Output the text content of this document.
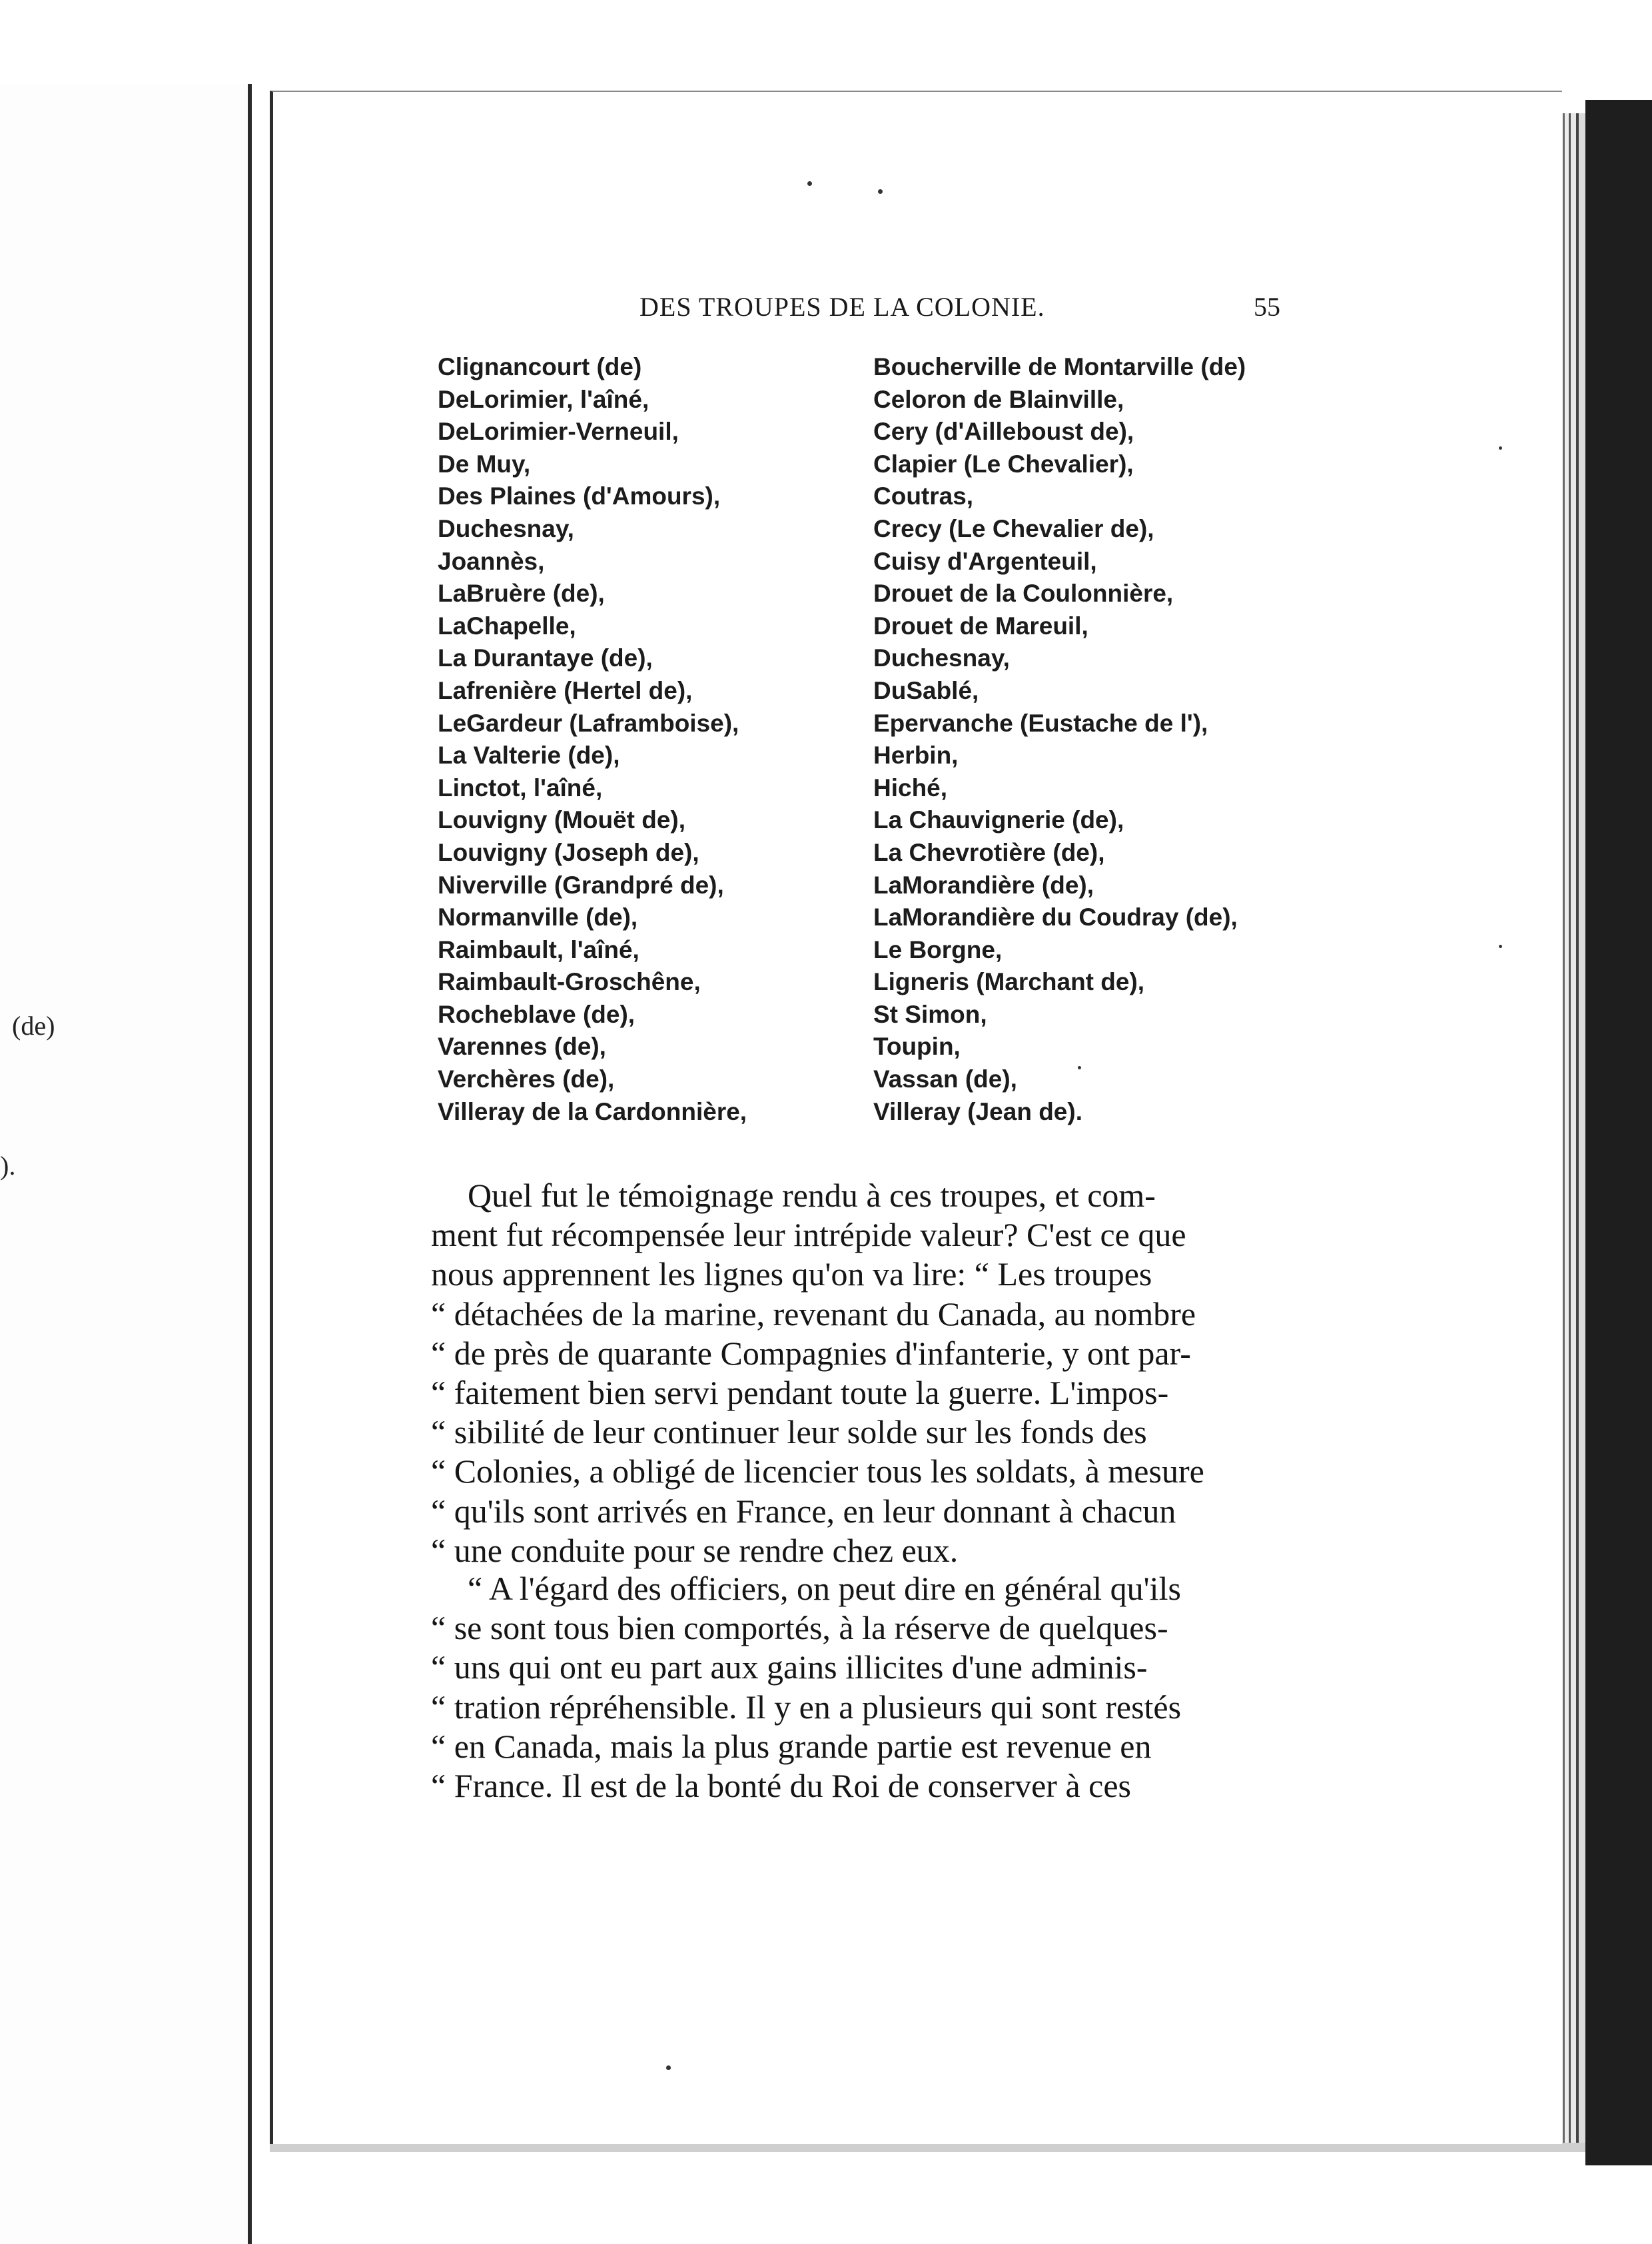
(de)
).
DES TROUPES DE LA COLONIE.	55
Clignancourt (de)
DeLorimier, l'aîné,
DeLorimier-Verneuil,
De Muy,
Des Plaines (d'Amours),
Duchesnay,
Joannès,
LaBruère (de),
LaChapelle,
La Durantaye (de),
Lafrenière (Hertel de),
LeGardeur (Laframboise),
La Valterie (de),
Linctot, l'aîné,
Louvigny (Mouët de),
Louvigny (Joseph de),
Niverville (Grandpré de),
Normanville (de),
Raimbault, l'aîné,
Raimbault-Groschêne,
Rocheblave (de),
Varennes (de),
Verchères (de),
Villeray de la Cardonnière,
Boucherville de Montarville (de)
Celoron de Blainville,
Cery (d'Ailleboust de),
Clapier (Le Chevalier),
Coutras,
Crecy (Le Chevalier de),
Cuisy d'Argenteuil,
Drouet de la Coulonnière,
Drouet de Mareuil,
Duchesnay,
DuSablé,
Epervanche (Eustache de l'),
Herbin,
Hiché,
La Chauvignerie (de),
La Chevrotière (de),
LaMorandière (de),
LaMorandière du Coudray (de),
Le Borgne,
Ligneris (Marchant de),
St Simon,
Toupin,
Vassan (de),
Villeray (Jean de).

Quel fut le témoignage rendu à ces troupes, et com-
ment fut récompensée leur intrépide valeur? C'est ce que
nous apprennent les lignes qu'on va lire: “ Les troupes
“ détachées de la marine, revenant du Canada, au nombre
“ de près de quarante Compagnies d'infanterie, y ont par-
“ faitement bien servi pendant toute la guerre. L'impos-
“ sibilité de leur continuer leur solde sur les fonds des
“ Colonies, a obligé de licencier tous les soldats, à mesure
“ qu'ils sont arrivés en France, en leur donnant à chacun
“ une conduite pour se rendre chez eux.

“ A l'égard des officiers, on peut dire en général qu'ils
“ se sont tous bien comportés, à la réserve de quelques-
“ uns qui ont eu part aux gains illicites d'une adminis-
“ tration répréhensible. Il y en a plusieurs qui sont restés
“ en Canada, mais la plus grande partie est revenue en
“ France. Il est de la bonté du Roi de conserver à ces
